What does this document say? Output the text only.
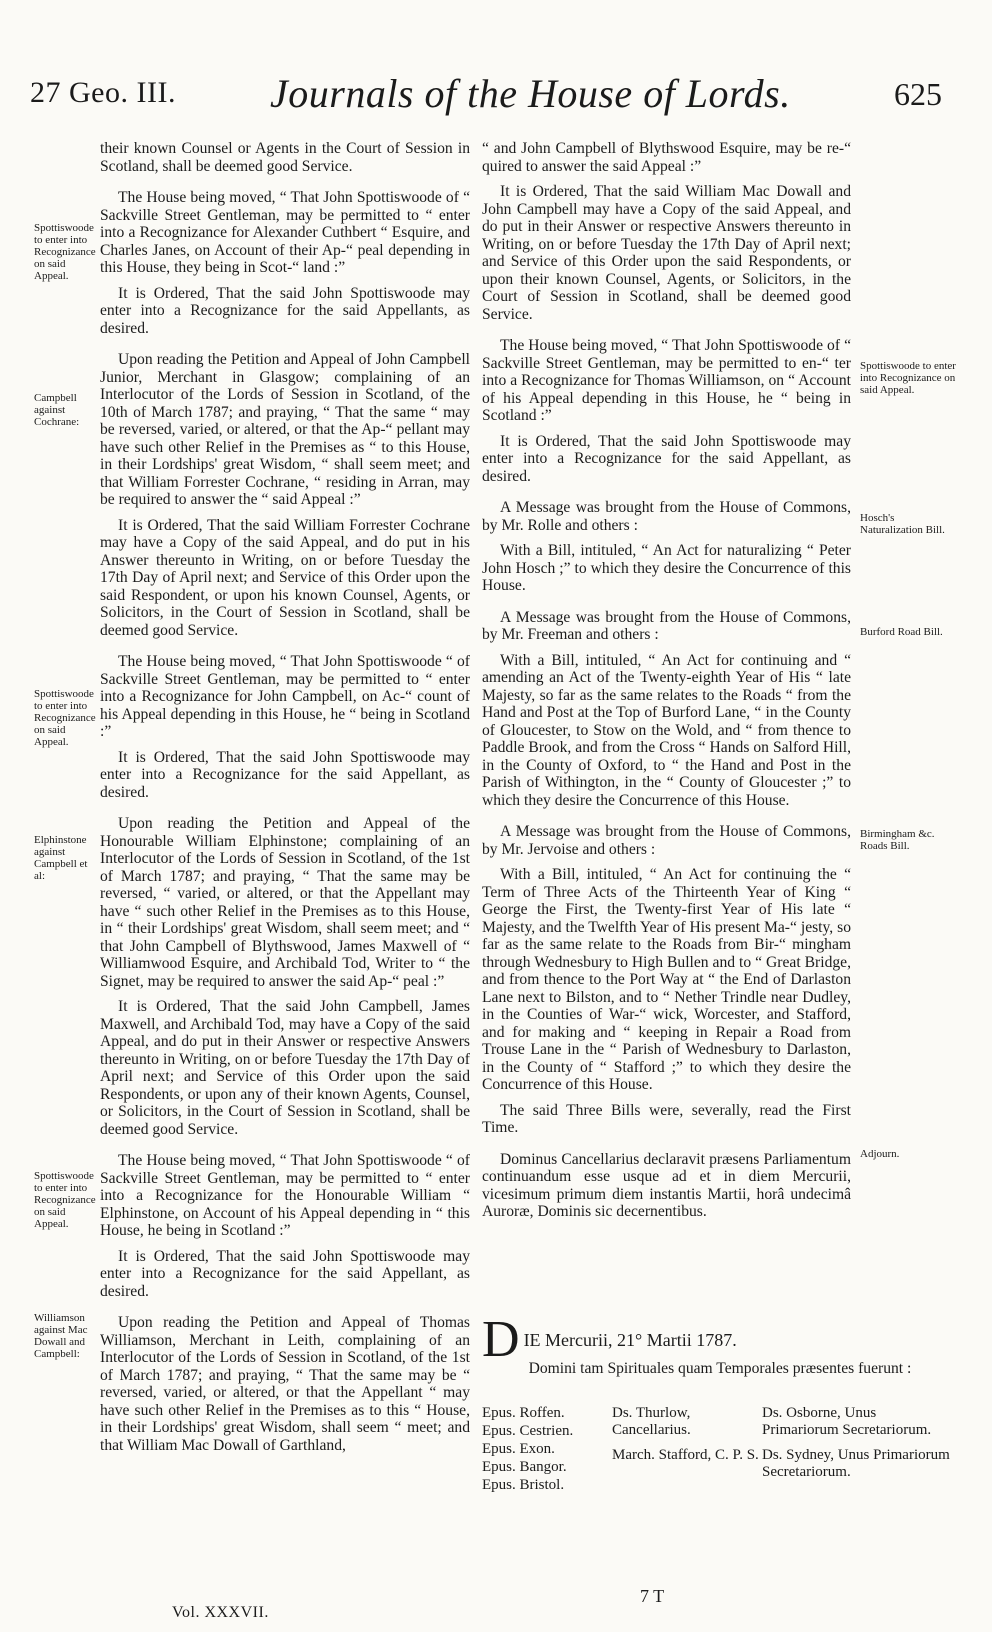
27 Geo. III. Journals of the House of Lords.	625
Spottiswoode to enter into Recognizance on said Appeal.
Campbell against Cochrane:
Spottiswoode to enter into Recognizance on said Appeal.
Elphinstone against Campbell et al:
Spottiswoode to enter into Recognizance on said Appeal.
Williamson against Mac Dowall and Campbell:
Spottiswoode to enter into Recognizance on said Appeal.
Hosch's Naturalization Bill.
Burford Road Bill.
Birmingham &c. Roads Bill.
Adjourn.

their known Counsel or Agents in the Court of Session in Scotland, shall be deemed good Service.

The House being moved, “ That John Spottiswoode of “ Sackville Street Gentleman, may be permitted to “ enter into a Recognizance for Alexander Cuthbert “ Esquire, and Charles Janes, on Account of their Ap-“ peal depending in this House, they being in Scot-“ land :”

It is Ordered, That the said John Spottiswoode may enter into a Recognizance for the said Appellants, as desired.

Upon reading the Petition and Appeal of John Campbell Junior, Merchant in Glasgow; complaining of an Interlocutor of the Lords of Session in Scotland, of the 10th of March 1787; and praying, “ That the same “ may be reversed, varied, or altered, or that the Ap-“ pellant may have such other Relief in the Premises as “ to this House, in their Lordships' great Wisdom, “ shall seem meet; and that William Forrester Cochrane, “ residing in Arran, may be required to answer the “ said Appeal :”

It is Ordered, That the said William Forrester Cochrane may have a Copy of the said Appeal, and do put in his Answer thereunto in Writing, on or before Tuesday the 17th Day of April next; and Service of this Order upon the said Respondent, or upon his known Counsel, Agents, or Solicitors, in the Court of Session in Scotland, shall be deemed good Service.

The House being moved, “ That John Spottiswoode “ of Sackville Street Gentleman, may be permitted to “ enter into a Recognizance for John Campbell, on Ac-“ count of his Appeal depending in this House, he “ being in Scotland :”

It is Ordered, That the said John Spottiswoode may enter into a Recognizance for the said Appellant, as desired.

Upon reading the Petition and Appeal of the Honourable William Elphinstone; complaining of an Interlocutor of the Lords of Session in Scotland, of the 1st of March 1787; and praying, “ That the same may be reversed, “ varied, or altered, or that the Appellant may have “ such other Relief in the Premises as to this House, in “ their Lordships' great Wisdom, shall seem meet; and “ that John Campbell of Blythswood, James Maxwell of “ Williamwood Esquire, and Archibald Tod, Writer to “ the Signet, may be required to answer the said Ap-“ peal :”

It is Ordered, That the said John Campbell, James Maxwell, and Archibald Tod, may have a Copy of the said Appeal, and do put in their Answer or respective Answers thereunto in Writing, on or before Tuesday the 17th Day of April next; and Service of this Order upon the said Respondents, or upon any of their known Agents, Counsel, or Solicitors, in the Court of Session in Scotland, shall be deemed good Service.

The House being moved, “ That John Spottiswoode “ of Sackville Street Gentleman, may be permitted to “ enter into a Recognizance for the Honourable William “ Elphinstone, on Account of his Appeal depending in “ this House, he being in Scotland :”

It is Ordered, That the said John Spottiswoode may enter into a Recognizance for the said Appellant, as desired.

Upon reading the Petition and Appeal of Thomas Williamson, Merchant in Leith, complaining of an Interlocutor of the Lords of Session in Scotland, of the 1st of March 1787; and praying, “ That the same may be “ reversed, varied, or altered, or that the Appellant “ may have such other Relief in the Premises as to this “ House, in their Lordships' great Wisdom, shall seem “ meet; and that William Mac Dowall of Garthland,

“ and John Campbell of Blythswood Esquire, may be re-“ quired to answer the said Appeal :”

It is Ordered, That the said William Mac Dowall and John Campbell may have a Copy of the said Appeal, and do put in their Answer or respective Answers thereunto in Writing, on or before Tuesday the 17th Day of April next; and Service of this Order upon the said Respondents, or upon their known Counsel, Agents, or Solicitors, in the Court of Session in Scotland, shall be deemed good Service.

The House being moved, “ That John Spottiswoode of “ Sackville Street Gentleman, may be permitted to en-“ ter into a Recognizance for Thomas Williamson, on “ Account of his Appeal depending in this House, he “ being in Scotland :”

It is Ordered, That the said John Spottiswoode may enter into a Recognizance for the said Appellant, as desired.

A Message was brought from the House of Commons, by Mr. Rolle and others :

With a Bill, intituled, “ An Act for naturalizing “ Peter John Hosch ;” to which they desire the Concurrence of this House.

A Message was brought from the House of Commons, by Mr. Freeman and others :

With a Bill, intituled, “ An Act for continuing and “ amending an Act of the Twenty-eighth Year of His “ late Majesty, so far as the same relates to the Roads “ from the Hand and Post at the Top of Burford Lane, “ in the County of Gloucester, to Stow on the Wold, and “ from thence to Paddle Brook, and from the Cross “ Hands on Salford Hill, in the County of Oxford, to “ the Hand and Post in the Parish of Withington, in the “ County of Gloucester ;” to which they desire the Concurrence of this House.

A Message was brought from the House of Commons, by Mr. Jervoise and others :

With a Bill, intituled, “ An Act for continuing the “ Term of Three Acts of the Thirteenth Year of King “ George the First, the Twenty-first Year of His late “ Majesty, and the Twelfth Year of His present Ma-“ jesty, so far as the same relate to the Roads from Bir-“ mingham through Wednesbury to High Bullen and to “ Great Bridge, and from thence to the Port Way at “ the End of Darlaston Lane next to Bilston, and to “ Nether Trindle near Dudley, in the Counties of War-“ wick, Worcester, and Stafford, and for making and “ keeping in Repair a Road from Trouse Lane in the “ Parish of Wednesbury to Darlaston, in the County of “ Stafford ;” to which they desire the Concurrence of this House.

The said Three Bills were, severally, read the First Time.

Dominus Cancellarius declaravit præsens Parliamentum continuandum esse usque ad et in diem Mercurii, vicesimum primum diem instantis Martii, horâ undecimâ Auroræ, Dominis sic decernentibus.

D IE Mercurii, 21° Martii 1787.
Domini tam Spirituales quam Temporales præsentes fuerunt :
Epus. Roffen.
Epus. Cestrien.
Epus. Exon.
Epus. Bangor.
Epus. Bristol.
Ds. Thurlow, Cancellarius.
March. Stafford, C. P. S.
Ds. Osborne, Unus Primariorum Secretariorum.
Ds. Sydney, Unus Primariorum Secretariorum.
Vol. XXXVII.
7 T
